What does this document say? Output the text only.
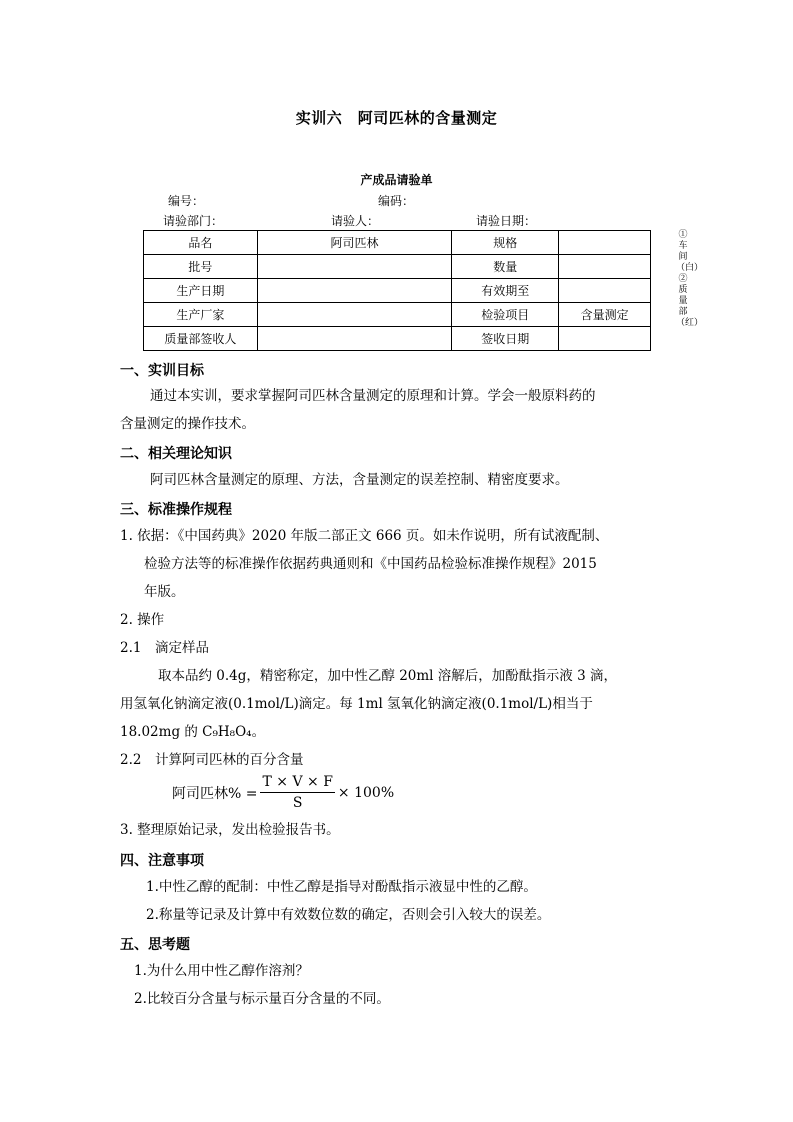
实训六　阿司匹林的含量测定
产成品请验单
编号：	编码：
请验部门：	请验人：	请验日期：
品名	阿司匹林	规格	
批号		数量	
生产日期		有效期至	
生产厂家		检验项目	含量测定
质量部签收人		签收日期	
①车间（白）②质量部（红）
一、实训目标
通过本实训，要求掌握阿司匹林含量测定的原理和计算。学会一般原料药的
含量测定的操作技术。
二、相关理论知识
阿司匹林含量测定的原理、方法，含量测定的误差控制、精密度要求。
三、标准操作规程
1. 依据：《中国药典》2020 年版二部正文 666 页。如未作说明，所有试液配制、
检验方法等的标准操作依据药典通则和《中国药品检验标准操作规程》2015
年版。
2. 操作
2.1　滴定样品
取本品约 0.4g，精密称定，加中性乙醇 20ml 溶解后，加酚酞指示液 3 滴，
用氢氧化钠滴定液(0.1mol/L)滴定。每 1ml 氢氧化钠滴定液(0.1mol/L)相当于
18.02mg 的 C₉H₈O₄。
2.2　计算阿司匹林的百分含量
阿司匹林% = $\frac{T \times V \times F}{S} \times 100\%$
3. 整理原始记录，发出检验报告书。
四、注意事项
1.中性乙醇的配制：中性乙醇是指导对酚酞指示液显中性的乙醇。
2.称量等记录及计算中有效数位数的确定，否则会引入较大的误差。
五、思考题
1.为什么用中性乙醇作溶剂？
2.比较百分含量与标示量百分含量的不同。
